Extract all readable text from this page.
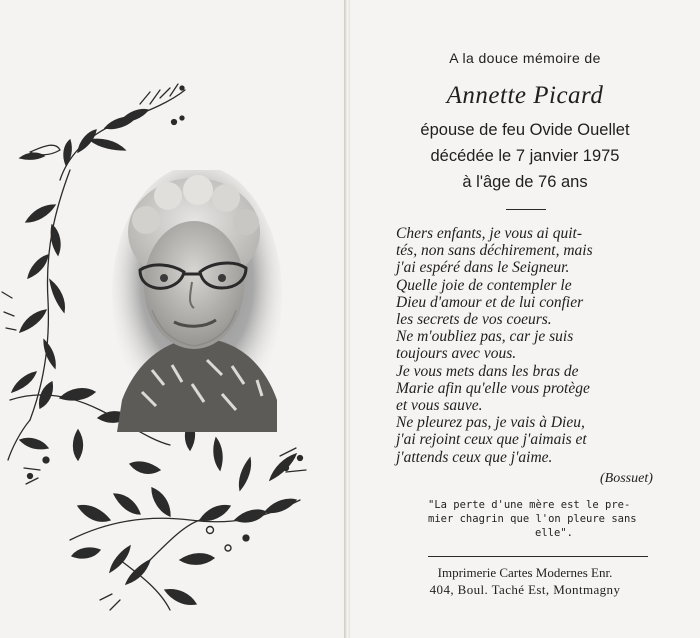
A la douce mémoire de
Annette Picard
épouse de feu Ovide Ouellet
décédée le 7 janvier 1975
à l'âge de 76 ans
Chers enfants, je vous ai quit-
tés, non sans déchirement, mais
j'ai espéré dans le Seigneur.
Quelle joie de contempler le
Dieu d'amour et de lui confier
les secrets de vos coeurs.
Ne m'oubliez pas, car je suis
toujours avec vous.
Je vous mets dans les bras de
Marie afin qu'elle vous protège
et vous sauve.
Ne pleurez pas, je vais à Dieu,
j'ai rejoint ceux que j'aimais et
j'attends ceux que j'aime.
(Bossuet)
"La perte d'une mère est le pre-
mier chagrin que l'on pleure sans
elle".
Imprimerie Cartes Modernes Enr.
404, Boul. Taché Est, Montmagny
